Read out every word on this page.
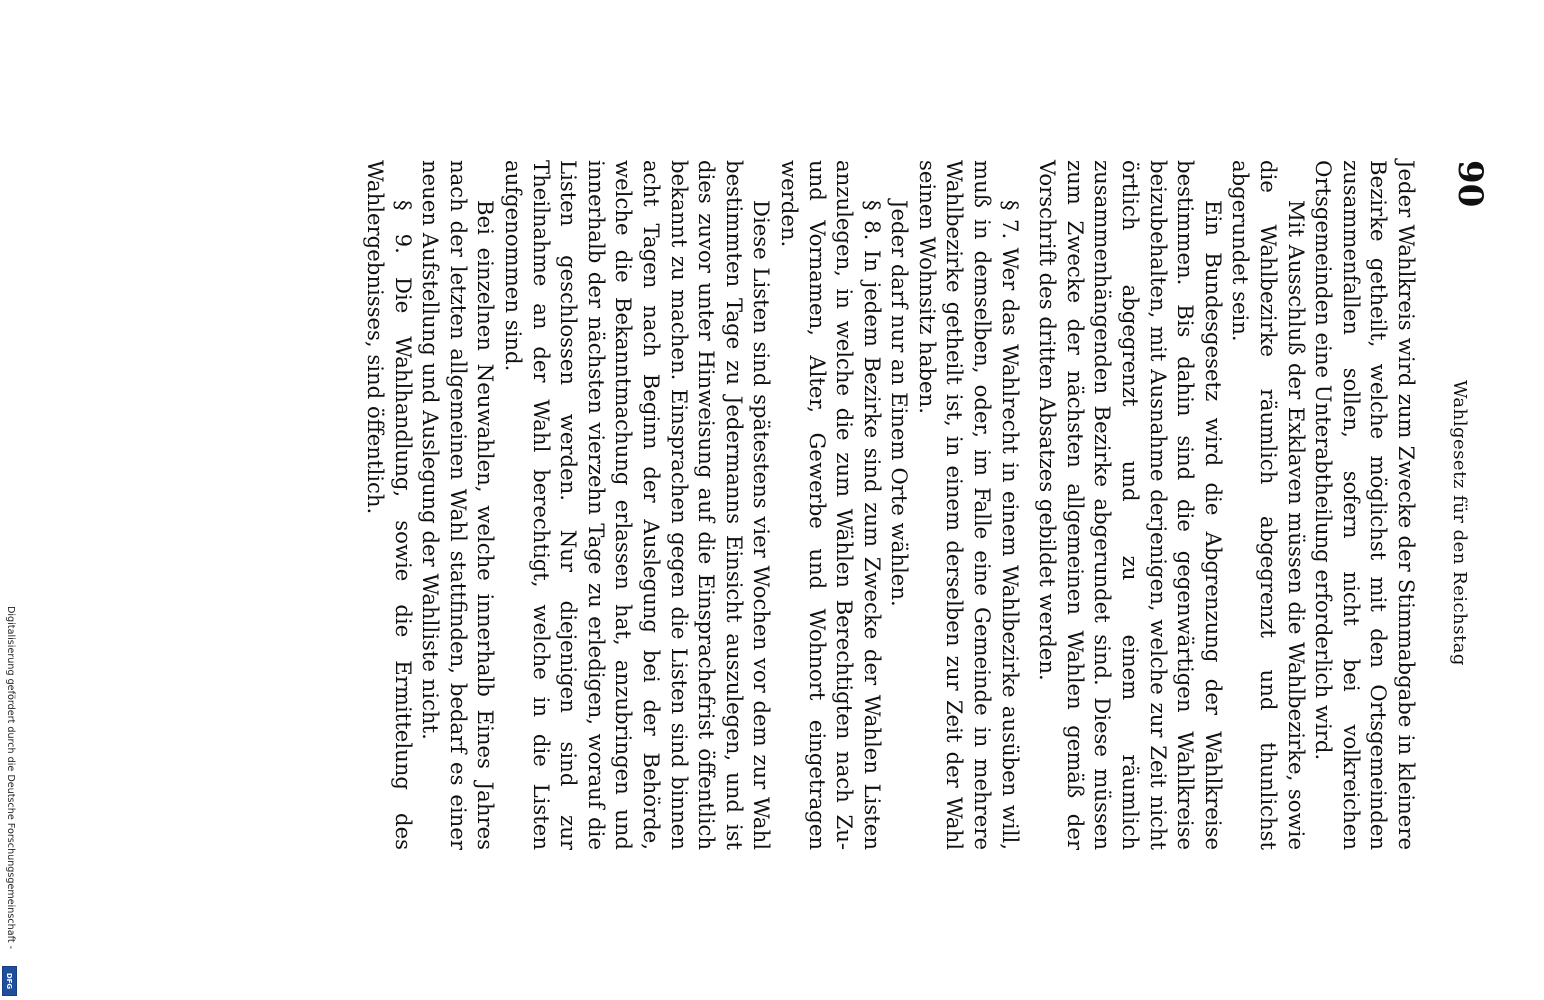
90
Wahlgesetz für den Reichstag

Jeder Wahlkreis wird zum Zwecke der Stimmabgabe in kleinere Bezirke getheilt, welche möglichst mit den Ortsgemeinden zusammenfallen sollen, sofern nicht bei volkreichen Ortsgemeinden eine Unterabtheilung erforderlich wird.

Mit Ausschluß der Exklaven müssen die Wahlbezirke, sowie die Wahlbezirke räumlich abgegrenzt und thunlichst abgerundet sein.

Ein Bundesgesetz wird die Abgrenzung der Wahlkreise bestimmen. Bis dahin sind die gegenwärtigen Wahlkreise beizubehalten, mit Ausnahme derjenigen, welche zur Zeit nicht örtlich abgegrenzt und zu einem räumlich zusammenhängenden Bezirke abgerundet sind. Diese müssen zum Zwecke der nächsten allgemeinen Wahlen gemäß der Vorschrift des dritten Absatzes gebildet werden.

§ 7. Wer das Wahlrecht in einem Wahlbezirke ausüben will, muß in demselben, oder, im Falle eine Gemeinde in mehrere Wahlbezirke getheilt ist, in einem derselben zur Zeit der Wahl seinen Wohnsitz haben.

Jeder darf nur an Einem Orte wählen.

§ 8. In jedem Bezirke sind zum Zwecke der Wahlen Listen anzulegen, in welche die zum Wählen Berechtigten nach Zu- und Vornamen, Alter, Gewerbe und Wohnort eingetragen werden.

Diese Listen sind spätestens vier Wochen vor dem zur Wahl bestimmten Tage zu Jedermanns Einsicht auszulegen, und ist dies zuvor unter Hinweisung auf die Einsprachefrist öffentlich bekannt zu machen. Einsprachen gegen die Listen sind binnen acht Tagen nach Beginn der Auslegung bei der Behörde, welche die Bekanntmachung erlassen hat, anzubringen und innerhalb der nächsten vierzehn Tage zu erledigen, worauf die Listen geschlossen werden. Nur diejenigen sind zur Theilnahme an der Wahl berechtigt, welche in die Listen aufgenommen sind.

Bei einzelnen Neuwahlen, welche innerhalb Eines Jahres nach der letzten allgemeinen Wahl stattfinden, bedarf es einer neuen Aufstellung und Auslegung der Wahlliste nicht.

§ 9. Die Wahlhandlung, sowie die Ermittelung des Wahlergebnisses, sind öffentlich.

Digitalisierung gefördert durch die Deutsche Forschungsgemeinschaft -
DFG
